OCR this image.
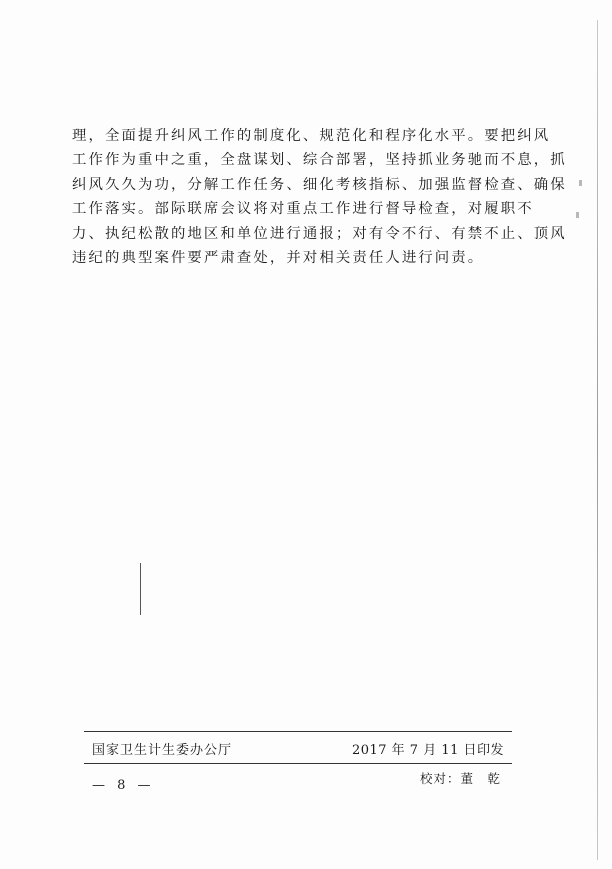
理，全面提升纠风工作的制度化、规范化和程序化水平。要把纠风
工作作为重中之重，全盘谋划、综合部署，坚持抓业务驰而不息，抓
纠风久久为功，分解工作任务、细化考核指标、加强监督检查、确保
工作落实。部际联席会议将对重点工作进行督导检查，对履职不
力、执纪松散的地区和单位进行通报；对有令不行、有禁不止、顶风
违纪的典型案件要严肃查处，并对相关责任人进行问责。

国家卫生计生委办公厅	2017 年 7 月 11 日印发
校对：董　乾
— 8 —
